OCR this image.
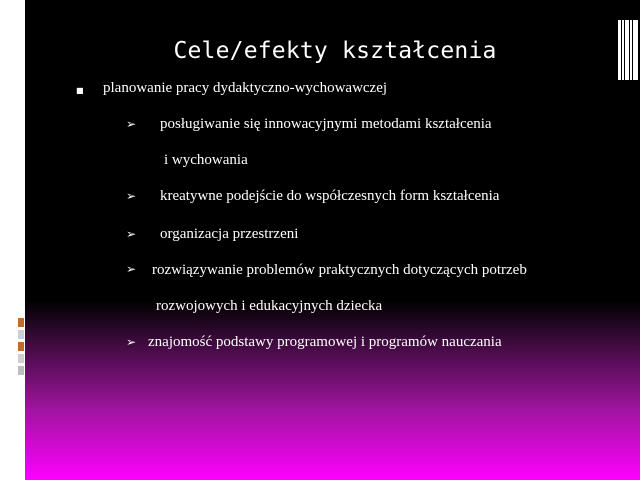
Cele/efekty kształcenia
■ planowanie pracy dydaktyczno-wychowawczej
➢ posługiwanie się innowacyjnymi metodami kształcenia
i wychowania
➢ kreatywne podejście do współczesnych form kształcenia
➢ organizacja przestrzeni
➢ rozwiązywanie problemów praktycznych dotyczących potrzeb
rozwojowych i edukacyjnych dziecka
➢ znajomość podstawy programowej i programów nauczania
